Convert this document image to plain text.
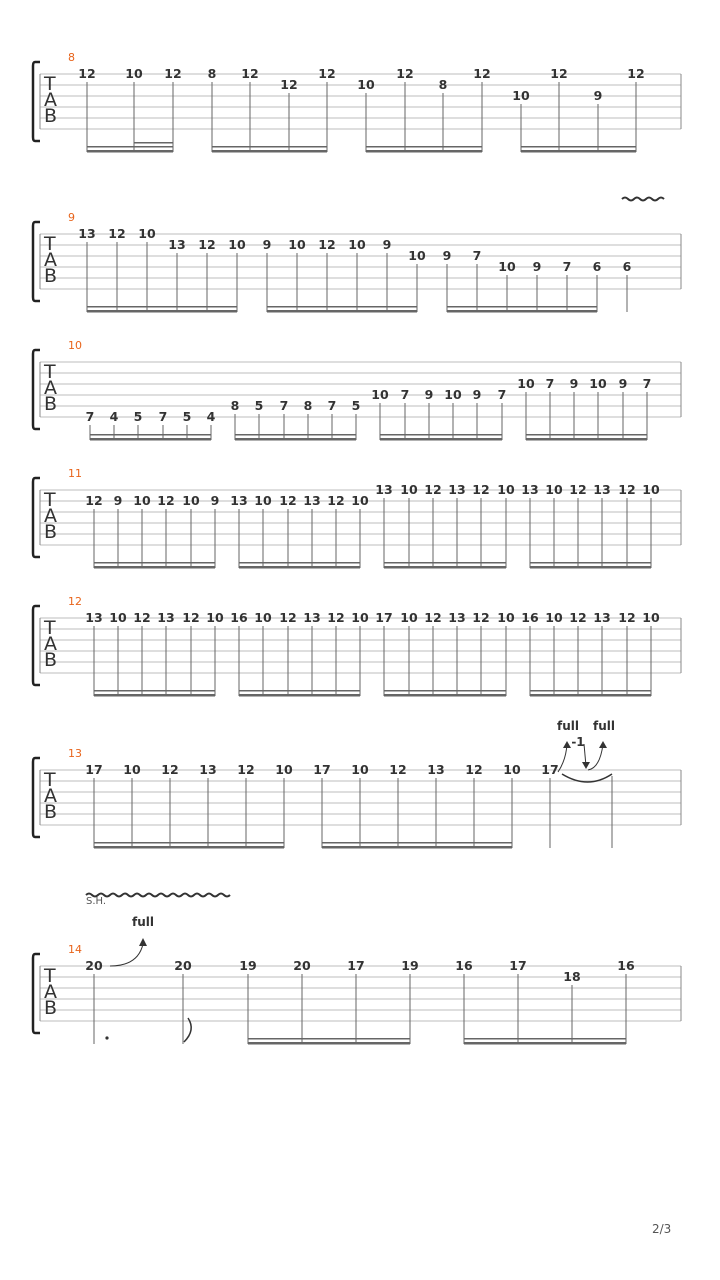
T
A
B
8
12 10 12 8 12
12
12
10
12
8
12
10
12
9
12
T
A
B
9
13 12 10
13 12 10 9 10 12 10 9
10 9 7
10 9 7 6 6
T
A
B
10
7 4 5 7 5 4
8 5 7 8 7 5
10 7 9 10 9 7
10 7 9 10 9 7
T
A
B
11
12 9 10 12 10 9 13 10 12 13 12 10
13 10 12 13 12 10 13 10 12 13 12 10
T
A
B
12
13 10 12 13 12 10 16 10 12 13 12 10 17 10 12 13 12 10 16 10 12 13 12 10
T
A
B
13
17 10 12 13 12 10 17 10 12 13 12 10 17
full full
-1
T
A
B
14
20	20	19	20	17	19	16	17
18
16
full
S.H.
2/3
